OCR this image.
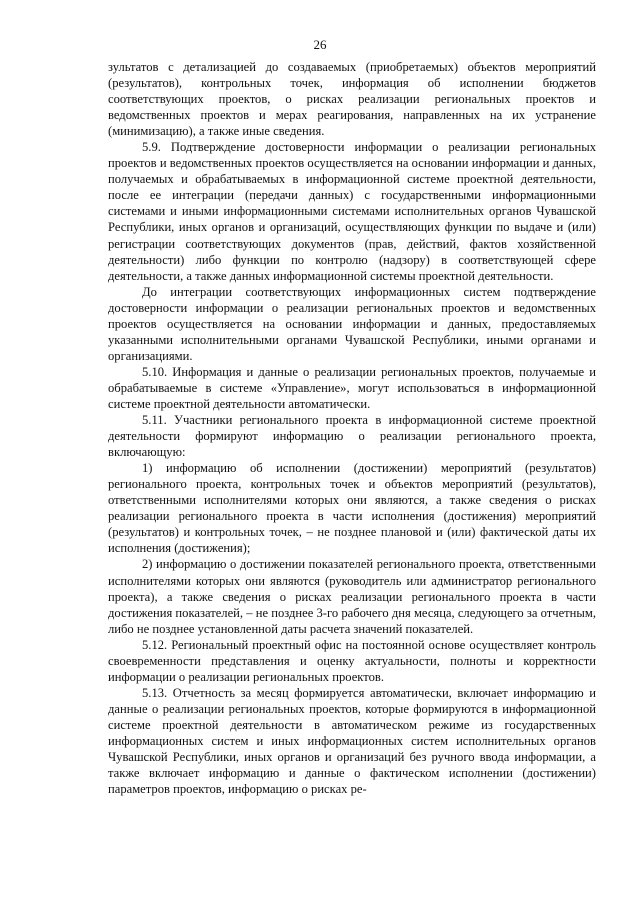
26

зультатов с детализацией до создаваемых (приобретаемых) объектов мероприятий (результатов), контрольных точек, информация об исполнении бюджетов соответствующих проектов, о рисках реализации региональных проектов и ведомственных проектов и мерах реагирования, направленных на их устранение (минимизацию), а также иные сведения.

5.9. Подтверждение достоверности информации о реализации региональных проектов и ведомственных проектов осуществляется на основании информации и данных, получаемых и обрабатываемых в информационной системе проектной деятельности, после ее интеграции (передачи данных) с государственными информационными системами и иными информационными системами исполнительных органов Чувашской Республики, иных органов и организаций, осуществляющих функции по выдаче и (или) регистрации соответствующих документов (прав, действий, фактов хозяйственной деятельности) либо функции по контролю (надзору) в соответствующей сфере деятельности, а также данных информационной системы проектной деятельности.

До интеграции соответствующих информационных систем подтверждение достоверности информации о реализации региональных проектов и ведомственных проектов осуществляется на основании информации и данных, предоставляемых указанными исполнительными органами Чувашской Республики, иными органами и организациями.

5.10. Информация и данные о реализации региональных проектов, получаемые и обрабатываемые в системе «Управление», могут использоваться в информационной системе проектной деятельности автоматически.

5.11. Участники регионального проекта в информационной системе проектной деятельности формируют информацию о реализации регионального проекта, включающую:

1) информацию об исполнении (достижении) мероприятий (результатов) регионального проекта, контрольных точек и объектов мероприятий (результатов), ответственными исполнителями которых они являются, а также сведения о рисках реализации регионального проекта в части исполнения (достижения) мероприятий (результатов) и контрольных точек, – не позднее плановой и (или) фактической даты их исполнения (достижения);

2) информацию о достижении показателей регионального проекта, ответственными исполнителями которых они являются (руководитель или администратор регионального проекта), а также сведения о рисках реализации регионального проекта в части достижения показателей, – не позднее 3-го рабочего дня месяца, следующего за отчетным, либо не позднее установленной даты расчета значений показателей.

5.12. Региональный проектный офис на постоянной основе осуществляет контроль своевременности представления и оценку актуальности, полноты и корректности информации о реализации региональных проектов.

5.13. Отчетность за месяц формируется автоматически, включает информацию и данные о реализации региональных проектов, которые формируются в информационной системе проектной деятельности в автоматическом режиме из государственных информационных систем и иных информационных систем исполнительных органов Чувашской Республики, иных органов и организаций без ручного ввода информации, а также включает информацию и данные о фактическом исполнении (достижении) параметров проектов, информацию о рисках ре-
